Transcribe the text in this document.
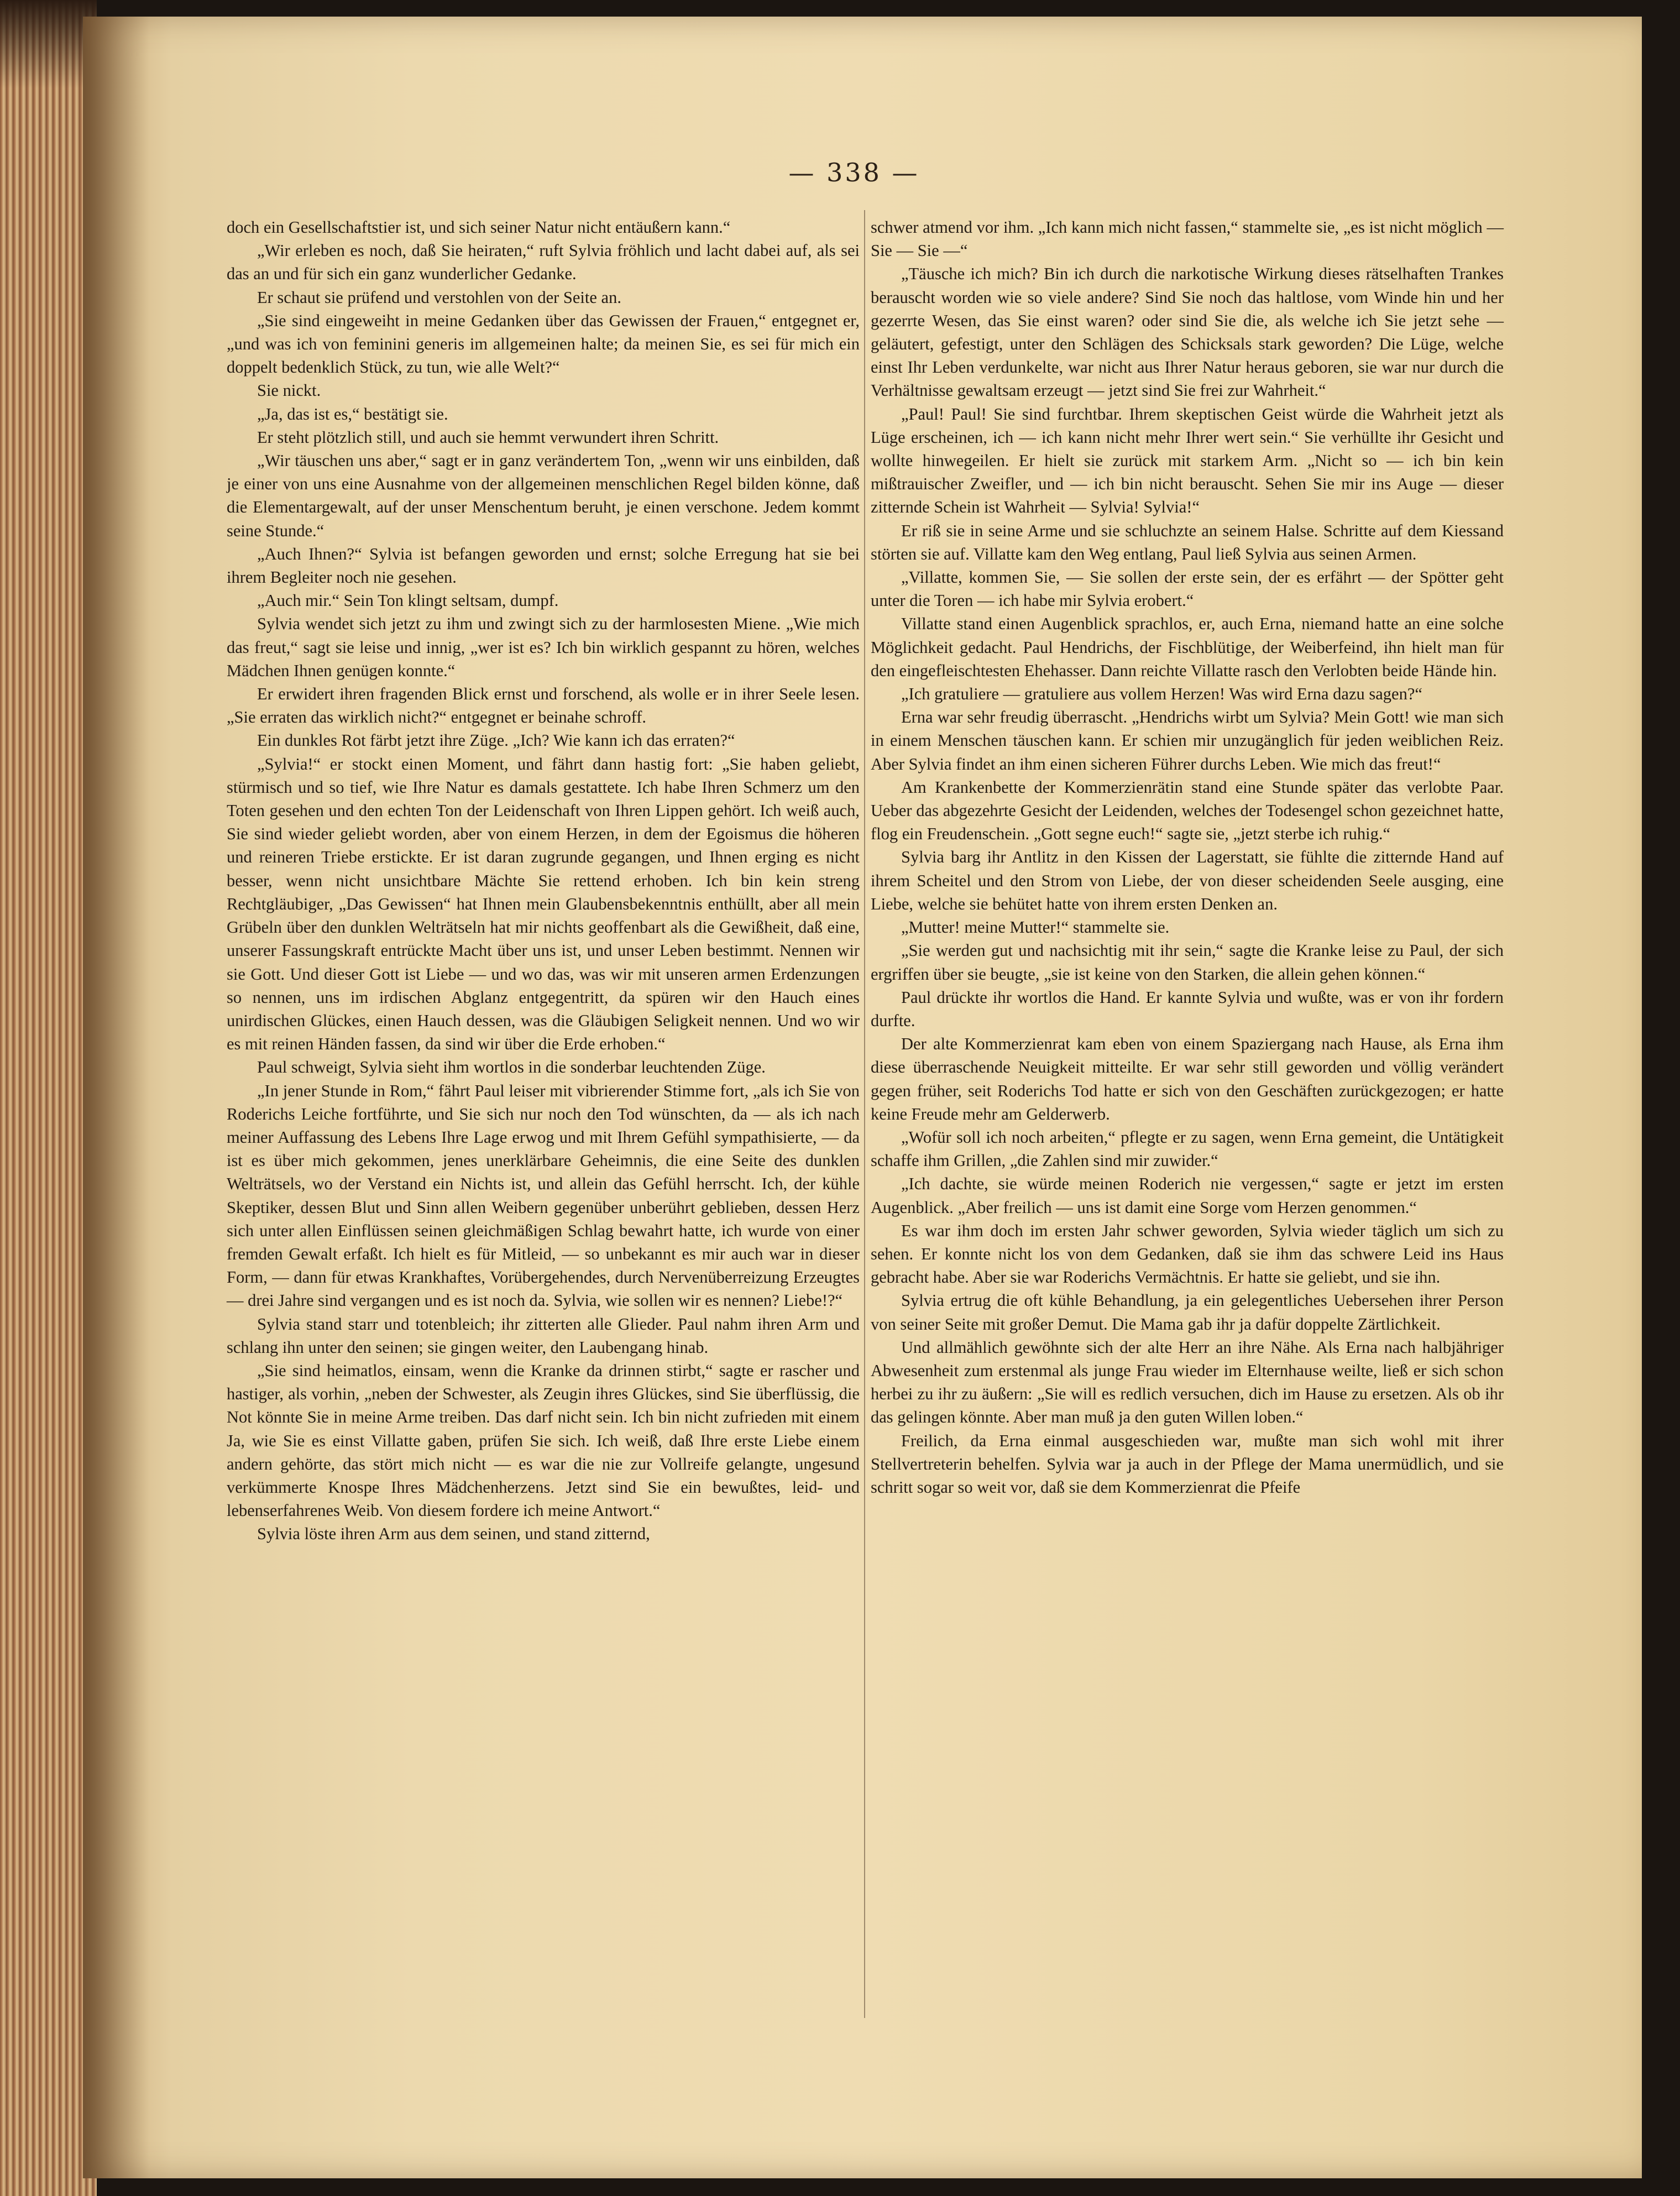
— 338 —

doch ein Gesellschaftstier ist, und sich seiner Natur nicht entäußern kann.“

„Wir erleben es noch, daß Sie heiraten,“ ruft Sylvia fröhlich und lacht dabei auf, als sei das an und für sich ein ganz wunderlicher Gedanke.

Er schaut sie prüfend und verstohlen von der Seite an.

„Sie sind eingeweiht in meine Gedanken über das Gewissen der Frauen,“ entgegnet er, „und was ich von feminini generis im allgemeinen halte; da meinen Sie, es sei für mich ein doppelt bedenklich Stück, zu tun, wie alle Welt?“

Sie nickt.

„Ja, das ist es,“ bestätigt sie.

Er steht plötzlich still, und auch sie hemmt verwundert ihren Schritt.

„Wir täuschen uns aber,“ sagt er in ganz verändertem Ton, „wenn wir uns einbilden, daß je einer von uns eine Ausnahme von der allgemeinen menschlichen Regel bilden könne, daß die Elementargewalt, auf der unser Menschentum beruht, je einen verschone. Jedem kommt seine Stunde.“

„Auch Ihnen?“ Sylvia ist befangen geworden und ernst; solche Erregung hat sie bei ihrem Begleiter noch nie gesehen.

„Auch mir.“ Sein Ton klingt seltsam, dumpf.

Sylvia wendet sich jetzt zu ihm und zwingt sich zu der harmlosesten Miene. „Wie mich das freut,“ sagt sie leise und innig, „wer ist es? Ich bin wirklich gespannt zu hören, welches Mädchen Ihnen genügen konnte.“

Er erwidert ihren fragenden Blick ernst und forschend, als wolle er in ihrer Seele lesen. „Sie erraten das wirklich nicht?“ entgegnet er beinahe schroff.

Ein dunkles Rot färbt jetzt ihre Züge. „Ich? Wie kann ich das erraten?“

„Sylvia!“ er stockt einen Moment, und fährt dann hastig fort: „Sie haben geliebt, stürmisch und so tief, wie Ihre Natur es damals gestattete. Ich habe Ihren Schmerz um den Toten gesehen und den echten Ton der Leidenschaft von Ihren Lippen gehört. Ich weiß auch, Sie sind wieder geliebt worden, aber von einem Herzen, in dem der Egoismus die höheren und reineren Triebe erstickte. Er ist daran zugrunde gegangen, und Ihnen erging es nicht besser, wenn nicht unsichtbare Mächte Sie rettend erhoben. Ich bin kein streng Rechtgläubiger, „Das Gewissen“ hat Ihnen mein Glaubensbekenntnis enthüllt, aber all mein Grübeln über den dunklen Welträtseln hat mir nichts geoffenbart als die Gewißheit, daß eine, unserer Fassungskraft entrückte Macht über uns ist, und unser Leben bestimmt. Nennen wir sie Gott. Und dieser Gott ist Liebe — und wo das, was wir mit unseren armen Erdenzungen so nennen, uns im irdischen Abglanz entgegentritt, da spüren wir den Hauch eines unirdischen Glückes, einen Hauch dessen, was die Gläubigen Seligkeit nennen. Und wo wir es mit reinen Händen fassen, da sind wir über die Erde erhoben.“

Paul schweigt, Sylvia sieht ihm wortlos in die sonderbar leuchtenden Züge.

„In jener Stunde in Rom,“ fährt Paul leiser mit vibrierender Stimme fort, „als ich Sie von Roderichs Leiche fortführte, und Sie sich nur noch den Tod wünschten, da — als ich nach meiner Auffassung des Lebens Ihre Lage erwog und mit Ihrem Gefühl sympathisierte, — da ist es über mich gekommen, jenes unerklärbare Geheimnis, die eine Seite des dunklen Welträtsels, wo der Verstand ein Nichts ist, und allein das Gefühl herrscht. Ich, der kühle Skeptiker, dessen Blut und Sinn allen Weibern gegenüber unberührt geblieben, dessen Herz sich unter allen Einflüssen seinen gleichmäßigen Schlag bewahrt hatte, ich wurde von einer fremden Gewalt erfaßt. Ich hielt es für Mitleid, — so unbekannt es mir auch war in dieser Form, — dann für etwas Krankhaftes, Vorübergehendes, durch Nervenüberreizung Erzeugtes — drei Jahre sind vergangen und es ist noch da. Sylvia, wie sollen wir es nennen? Liebe!?“

Sylvia stand starr und totenbleich; ihr zitterten alle Glieder. Paul nahm ihren Arm und schlang ihn unter den seinen; sie gingen weiter, den Laubengang hinab.

„Sie sind heimatlos, einsam, wenn die Kranke da drinnen stirbt,“ sagte er rascher und hastiger, als vorhin, „neben der Schwester, als Zeugin ihres Glückes, sind Sie überflüssig, die Not könnte Sie in meine Arme treiben. Das darf nicht sein. Ich bin nicht zufrieden mit einem Ja, wie Sie es einst Villatte gaben, prüfen Sie sich. Ich weiß, daß Ihre erste Liebe einem andern gehörte, das stört mich nicht — es war die nie zur Vollreife gelangte, ungesund verkümmerte Knospe Ihres Mädchenherzens. Jetzt sind Sie ein bewußtes, leid- und lebenserfahrenes Weib. Von diesem fordere ich meine Antwort.“

Sylvia löste ihren Arm aus dem seinen, und stand zitternd,

schwer atmend vor ihm. „Ich kann mich nicht fassen,“ stammelte sie, „es ist nicht möglich — Sie — Sie —“

„Täusche ich mich? Bin ich durch die narkotische Wirkung dieses rätselhaften Trankes berauscht worden wie so viele andere? Sind Sie noch das haltlose, vom Winde hin und her gezerrte Wesen, das Sie einst waren? oder sind Sie die, als welche ich Sie jetzt sehe — geläutert, gefestigt, unter den Schlägen des Schicksals stark geworden? Die Lüge, welche einst Ihr Leben verdunkelte, war nicht aus Ihrer Natur heraus geboren, sie war nur durch die Verhältnisse gewaltsam erzeugt — jetzt sind Sie frei zur Wahrheit.“

„Paul! Paul! Sie sind furchtbar. Ihrem skeptischen Geist würde die Wahrheit jetzt als Lüge erscheinen, ich — ich kann nicht mehr Ihrer wert sein.“ Sie verhüllte ihr Gesicht und wollte hinwegeilen. Er hielt sie zurück mit starkem Arm. „Nicht so — ich bin kein mißtrauischer Zweifler, und — ich bin nicht berauscht. Sehen Sie mir ins Auge — dieser zitternde Schein ist Wahrheit — Sylvia! Sylvia!“

Er riß sie in seine Arme und sie schluchzte an seinem Halse. Schritte auf dem Kiessand störten sie auf. Villatte kam den Weg entlang, Paul ließ Sylvia aus seinen Armen.

„Villatte, kommen Sie, — Sie sollen der erste sein, der es erfährt — der Spötter geht unter die Toren — ich habe mir Sylvia erobert.“

Villatte stand einen Augenblick sprachlos, er, auch Erna, niemand hatte an eine solche Möglichkeit gedacht. Paul Hendrichs, der Fischblütige, der Weiberfeind, ihn hielt man für den eingefleischtesten Ehehasser. Dann reichte Villatte rasch den Verlobten beide Hände hin.

„Ich gratuliere — gratuliere aus vollem Herzen! Was wird Erna dazu sagen?“

Erna war sehr freudig überrascht. „Hendrichs wirbt um Sylvia? Mein Gott! wie man sich in einem Menschen täuschen kann. Er schien mir unzugänglich für jeden weiblichen Reiz. Aber Sylvia findet an ihm einen sicheren Führer durchs Leben. Wie mich das freut!“

Am Krankenbette der Kommerzienrätin stand eine Stunde später das verlobte Paar. Ueber das abgezehrte Gesicht der Leidenden, welches der Todesengel schon gezeichnet hatte, flog ein Freudenschein. „Gott segne euch!“ sagte sie, „jetzt sterbe ich ruhig.“

Sylvia barg ihr Antlitz in den Kissen der Lagerstatt, sie fühlte die zitternde Hand auf ihrem Scheitel und den Strom von Liebe, der von dieser scheidenden Seele ausging, eine Liebe, welche sie behütet hatte von ihrem ersten Denken an.

„Mutter! meine Mutter!“ stammelte sie.

„Sie werden gut und nachsichtig mit ihr sein,“ sagte die Kranke leise zu Paul, der sich ergriffen über sie beugte, „sie ist keine von den Starken, die allein gehen können.“

Paul drückte ihr wortlos die Hand. Er kannte Sylvia und wußte, was er von ihr fordern durfte.

Der alte Kommerzienrat kam eben von einem Spaziergang nach Hause, als Erna ihm diese überraschende Neuigkeit mitteilte. Er war sehr still geworden und völlig verändert gegen früher, seit Roderichs Tod hatte er sich von den Geschäften zurückgezogen; er hatte keine Freude mehr am Gelderwerb.

„Wofür soll ich noch arbeiten,“ pflegte er zu sagen, wenn Erna gemeint, die Untätigkeit schaffe ihm Grillen, „die Zahlen sind mir zuwider.“

„Ich dachte, sie würde meinen Roderich nie vergessen,“ sagte er jetzt im ersten Augenblick. „Aber freilich — uns ist damit eine Sorge vom Herzen genommen.“

Es war ihm doch im ersten Jahr schwer geworden, Sylvia wieder täglich um sich zu sehen. Er konnte nicht los von dem Gedanken, daß sie ihm das schwere Leid ins Haus gebracht habe. Aber sie war Roderichs Vermächtnis. Er hatte sie geliebt, und sie ihn.

Sylvia ertrug die oft kühle Behandlung, ja ein gelegentliches Uebersehen ihrer Person von seiner Seite mit großer Demut. Die Mama gab ihr ja dafür doppelte Zärtlichkeit.

Und allmählich gewöhnte sich der alte Herr an ihre Nähe. Als Erna nach halbjähriger Abwesenheit zum erstenmal als junge Frau wieder im Elternhause weilte, ließ er sich schon herbei zu ihr zu äußern: „Sie will es redlich versuchen, dich im Hause zu ersetzen. Als ob ihr das gelingen könnte. Aber man muß ja den guten Willen loben.“

Freilich, da Erna einmal ausgeschieden war, mußte man sich wohl mit ihrer Stellvertreterin behelfen. Sylvia war ja auch in der Pflege der Mama unermüdlich, und sie schritt sogar so weit vor, daß sie dem Kommerzienrat die Pfeife
